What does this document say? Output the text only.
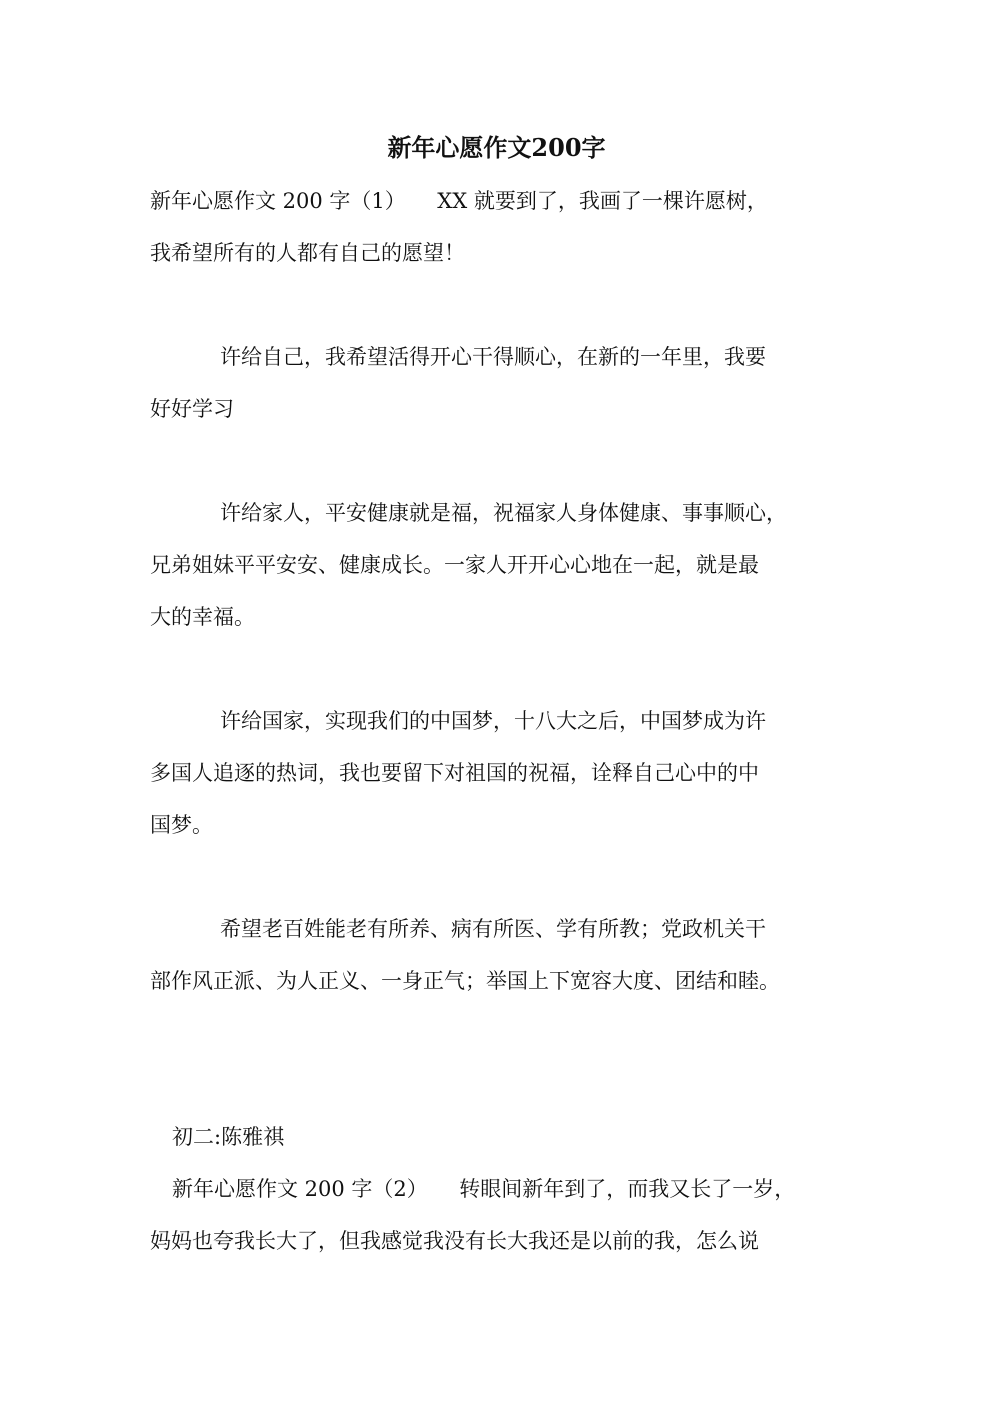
新年心愿作文200字

新年心愿作文 200 字（1）　　XX 就要到了，我画了一棵许愿树，

我希望所有的人都有自己的愿望！

许给自己，我希望活得开心干得顺心，在新的一年里，我要

好好学习

许给家人，平安健康就是福，祝福家人身体健康、事事顺心，

兄弟姐妹平平安安、健康成长。一家人开开心心地在一起，就是最

大的幸福。

许给国家，实现我们的中国梦，十八大之后，中国梦成为许

多国人追逐的热词，我也要留下对祖国的祝福，诠释自己心中的中

国梦。

希望老百姓能老有所养、病有所医、学有所教；党政机关干

部作风正派、为人正义、一身正气；举国上下宽容大度、团结和睦。

初二:陈雅祺

新年心愿作文 200 字（2）　　转眼间新年到了，而我又长了一岁，

妈妈也夸我长大了，但我感觉我没有长大我还是以前的我，怎么说
